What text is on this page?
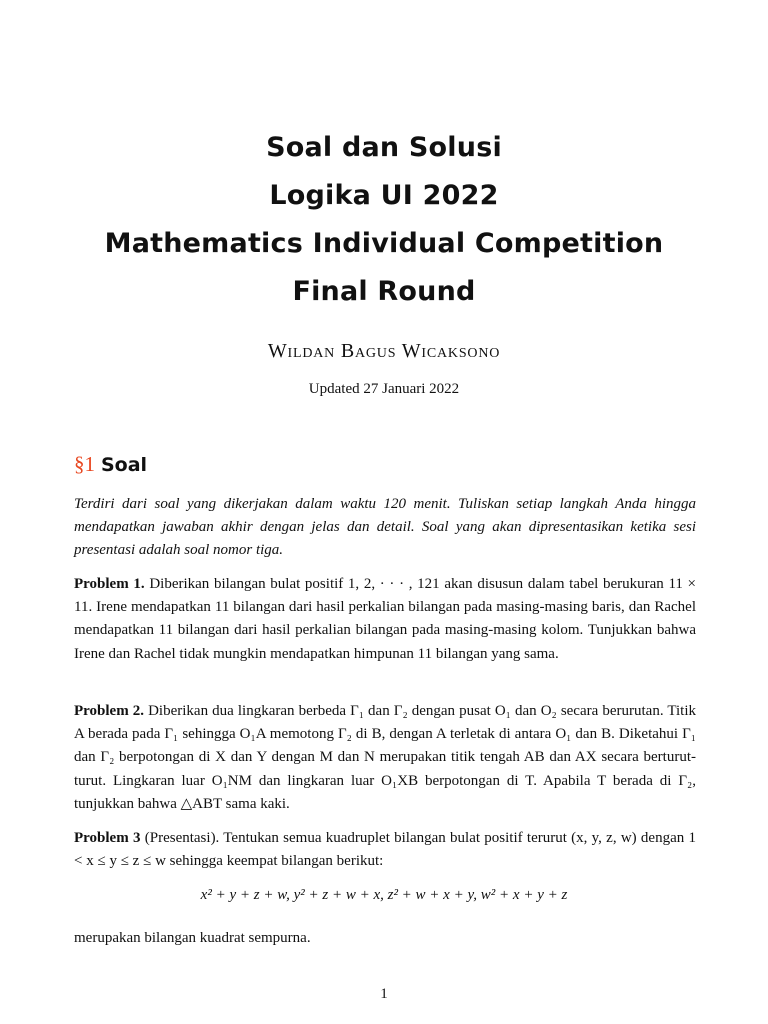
Soal dan Solusi
Logika UI 2022
Mathematics Individual Competition
Final Round
Wildan Bagus Wicaksono
Updated 27 Januari 2022
§1 Soal
Terdiri dari soal yang dikerjakan dalam waktu 120 menit. Tuliskan setiap langkah Anda hingga mendapatkan jawaban akhir dengan jelas dan detail. Soal yang akan dipresentasikan ketika sesi presentasi adalah soal nomor tiga.
Problem 1. Diberikan bilangan bulat positif 1, 2, · · · , 121 akan disusun dalam tabel berukuran 11 × 11. Irene mendapatkan 11 bilangan dari hasil perkalian bilangan pada masing-masing baris, dan Rachel mendapatkan 11 bilangan dari hasil perkalian bilangan pada masing-masing kolom. Tunjukkan bahwa Irene dan Rachel tidak mungkin mendapatkan himpunan 11 bilangan yang sama.
Problem 2. Diberikan dua lingkaran berbeda Γ₁ dan Γ₂ dengan pusat O₁ dan O₂ secara berurutan. Titik A berada pada Γ₁ sehingga O₁A memotong Γ₂ di B, dengan A terletak di antara O₁ dan B. Diketahui Γ₁ dan Γ₂ berpotongan di X dan Y dengan M dan N merupakan titik tengah AB dan AX secara berturut-turut. Lingkaran luar O₁NM dan lingkaran luar O₁XB berpotongan di T. Apabila T berada di Γ₂, tunjukkan bahwa △ABT sama kaki.
Problem 3 (Presentasi). Tentukan semua kuadruplet bilangan bulat positif terurut (x, y, z, w) dengan 1 < x ≤ y ≤ z ≤ w sehingga keempat bilangan berikut:
x² + y + z + w, y² + z + w + x, z² + w + x + y, w² + x + y + z
merupakan bilangan kuadrat sempurna.
1
